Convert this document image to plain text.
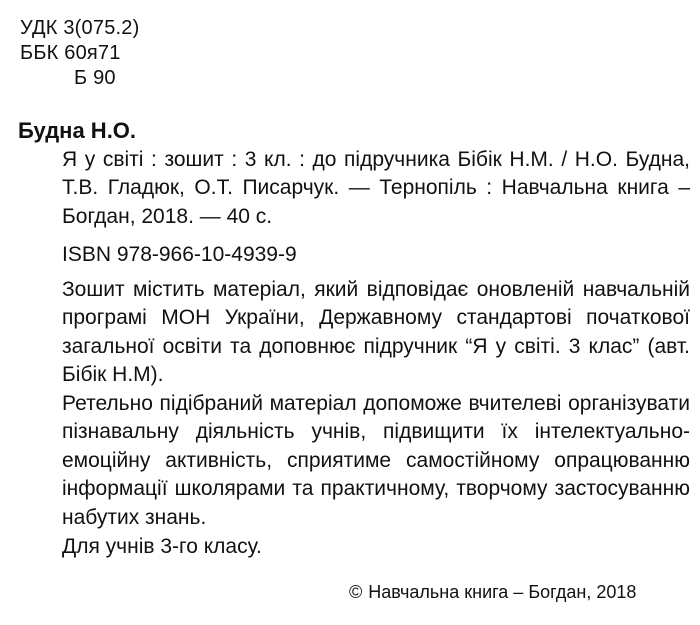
УДК 3(075.2)
ББК 60я71
Б 90
Будна Н.О.
Я у світі : зошит : 3 кл. : до підручника Бібік Н.М. / Н.О. Будна, Т.В. Гладюк, О.Т. Писарчук. — Тернопіль : Навчальна книга – Богдан, 2018. — 40 с.
ISBN 978-966-10-4939-9
Зошит містить матеріал, який відповідає оновленій навчальній програмі МОН України, Державному стандартові початкової загальної освіти та доповнює підручник “Я у світі. 3 клас” (авт. Бібік Н.М).
Ретельно підібраний матеріал допоможе вчителеві організувати пізнавальну діяльність учнів, підвищити їх інтелектуально-емоційну активність, сприятиме самостійному опрацюванню інформації школярами та практичному, творчому застосуванню набутих знань.
Для учнів 3-го класу.
© Навчальна книга – Богдан, 2018
